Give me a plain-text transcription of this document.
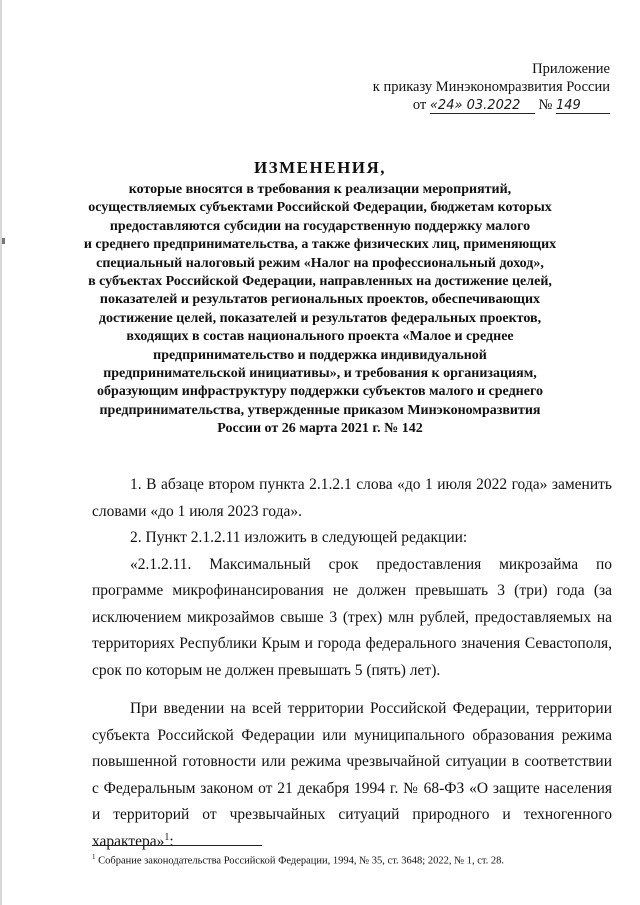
Приложение
к приказу Минэкономразвития России
от «24» 03.2022 № 149
ИЗМЕНЕНИЯ,
которые вносятся в требования к реализации мероприятий,
осуществляемых субъектами Российской Федерации, бюджетам которых
предоставляются субсидии на государственную поддержку малого
и среднего предпринимательства, а также физических лиц, применяющих
специальный налоговый режим «Налог на профессиональный доход»,
в субъектах Российской Федерации, направленных на достижение целей,
показателей и результатов региональных проектов, обеспечивающих
достижение целей, показателей и результатов федеральных проектов,
входящих в состав национального проекта «Малое и среднее
предпринимательство и поддержка индивидуальной
предпринимательской инициативы», и требования к организациям,
образующим инфраструктуру поддержки субъектов малого и среднего
предпринимательства, утвержденные приказом Минэкономразвития
России от 26 марта 2021 г. № 142

1. В абзаце втором пункта 2.1.2.1 слова «до 1 июля 2022 года» заменить словами «до 1 июля 2023 года».

2. Пункт 2.1.2.11 изложить в следующей редакции:

«2.1.2.11. Максимальный срок предоставления микрозайма по программе микрофинансирования не должен превышать 3 (три) года (за исключением микрозаймов свыше 3 (трех) млн рублей, предоставляемых на территориях Республики Крым и города федерального значения Севастополя, срок по которым не должен превышать 5 (пять) лет).

При введении на всей территории Российской Федерации, территории субъекта Российской Федерации или муниципального образования режима повышенной готовности или режима чрезвычайной ситуации в соответствии с Федеральным законом от 21 декабря 1994 г. № 68-ФЗ «О защите населения и территорий от чрезвычайных ситуаций природного и техногенного характера»$^1$:

$^1$ Собрание законодательства Российской Федерации, 1994, № 35, ст. 3648; 2022, № 1, ст. 28.
